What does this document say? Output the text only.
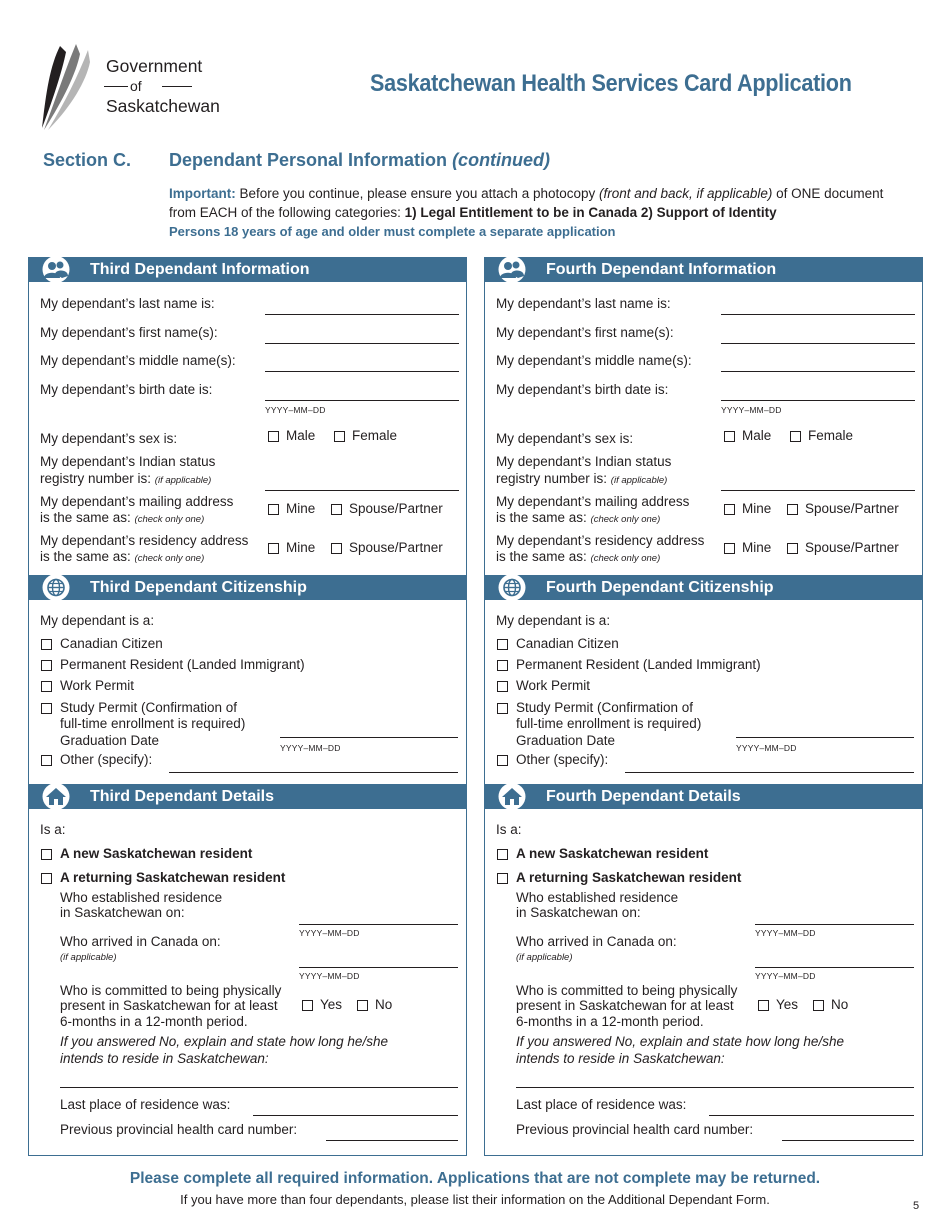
Government
of
Saskatchewan
Saskatchewan Health Services Card Application
Section C. Dependant Personal Information (continued)
Important: Before you continue, please ensure you attach a photocopy (front and back, if applicable) of ONE document from EACH of the following categories: 1) Legal Entitlement to be in Canada 2) Support of Identity
Persons 18 years of age and older must complete a separate application
Third Dependant Information
My dependant’s last name is:
My dependant’s first name(s):
My dependant’s middle name(s):
My dependant’s birth date is:
YYYY–MM–DD
My dependant’s sex is:	Male	Female
My dependant’s Indian status
registry number is: (if applicable)
My dependant’s mailing address
is the same as: (check only one)
Mine Spouse/Partner
My dependant’s residency address
is the same as: (check only one)
Mine Spouse/Partner
Third Dependant Citizenship
My dependant is a:
Canadian Citizen
Permanent Resident (Landed Immigrant)
Work Permit
Study Permit (Confirmation of
full-time enrollment is required)
Graduation Date	YYYY–MM–DD
Other (specify):
Third Dependant Details
Is a:
A new Saskatchewan resident
A returning Saskatchewan resident
Who established residence
in Saskatchewan on:
YYYY–MM–DD
Who arrived in Canada on:
(if applicable)
YYYY–MM–DD
Who is committed to being physically
present in Saskatchewan for at least
6-months in a 12-month period.
Yes No
If you answered No, explain and state how long he/she
intends to reside in Saskatchewan:
Last place of residence was:
Previous provincial health card number:
Fourth Dependant Information
My dependant’s last name is:
My dependant’s first name(s):
My dependant’s middle name(s):
My dependant’s birth date is:
YYYY–MM–DD
My dependant’s sex is:	Male	Female
My dependant’s Indian status
registry number is: (if applicable)
My dependant’s mailing address
is the same as: (check only one)
Mine Spouse/Partner
My dependant’s residency address
is the same as: (check only one)
Mine Spouse/Partner
Fourth Dependant Citizenship
My dependant is a:
Canadian Citizen
Permanent Resident (Landed Immigrant)
Work Permit
Study Permit (Confirmation of
full-time enrollment is required)
Graduation Date	YYYY–MM–DD
Other (specify):
Fourth Dependant Details
Is a:
A new Saskatchewan resident
A returning Saskatchewan resident
Who established residence
in Saskatchewan on:
YYYY–MM–DD
Who arrived in Canada on:
(if applicable)
YYYY–MM–DD
Who is committed to being physically
present in Saskatchewan for at least
6-months in a 12-month period.
Yes No
If you answered No, explain and state how long he/she
intends to reside in Saskatchewan:
Last place of residence was:
Previous provincial health card number:
Please complete all required information. Applications that are not complete may be returned.
If you have more than four dependants, please list their information on the Additional Dependant Form.	5
